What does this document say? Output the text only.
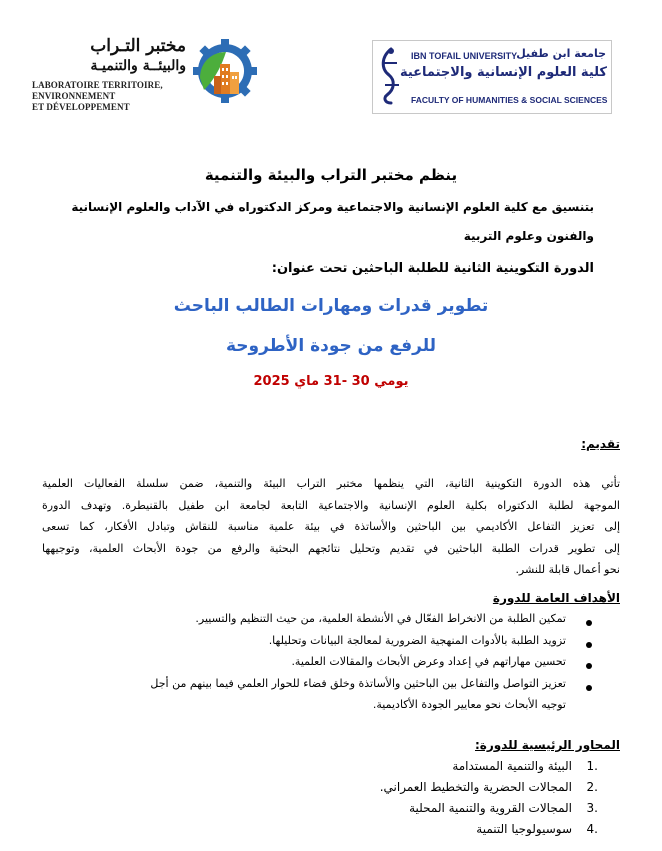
مختبر التـراب
والبيئــة والتنميـة
LABORATOIRE TERRITOIRE,
ENVIRONNEMENT
ET DÉVELOPPEMENT
IBN TOFAIL UNIVERSITY جامعة ابن طفيل
كلية العلوم الإنسانية والاجتماعية
FACULTY OF HUMANITIES & SOCIAL SCIENCES
ينظم مختبر التراب والبيئة والتنمية
بتنسيق مع كلية العلوم الإنسانية والاجتماعية ومركز الدكتوراه في الآداب والعلوم الإنسانية
والفنون وعلوم التربية
الدورة التكوينية الثانية للطلبة الباحثين تحت عنوان:
تطوير قدرات ومهارات الطالب الباحث
للرفع من جودة الأطروحة
يومي 30 -31 ماي 2025
تقديم:
تأتي هذه الدورة التكوينية الثانية، التي ينظمها مختبر التراب البيئة والتنمية، ضمن سلسلة الفعاليات العلمية
الموجهة لطلبة الدكتوراه بكلية العلوم الإنسانية والاجتماعية التابعة لجامعة ابن طفيل بالقنيطرة. وتهدف الدورة
إلى تعزيز التفاعل الأكاديمي بين الباحثين والأساتذة في بيئة علمية مناسبة للنقاش وتبادل الأفكار، كما تسعى
إلى تطوير قدرات الطلبة الباحثين في تقديم وتحليل نتائجهم البحثية والرفع من جودة الأبحاث العلمية، وتوجيهها
نحو أعمال قابلة للنشر.
الأهداف العامة للدورة
تمكين الطلبة من الانخراط الفعّال في الأنشطة العلمية، من حيث التنظيم والتسيير.
تزويد الطلبة بالأدوات المنهجية الضرورية لمعالجة البيانات وتحليلها.
تحسين مهاراتهم في إعداد وعرض الأبحاث والمقالات العلمية.
تعزيز التواصل والتفاعل بين الباحثين والأساتذة وخلق فضاء للحوار العلمي فيما بينهم من أجل
توجيه الأبحاث نحو معايير الجودة الأكاديمية.
المحاور الرئيسية للدورة:
1.
البيئة والتنمية المستدامة
2.
المجالات الحضرية والتخطيط العمراني.
3.
المجالات القروية والتنمية المحلية
4.
سوسيولوجيا التنمية
